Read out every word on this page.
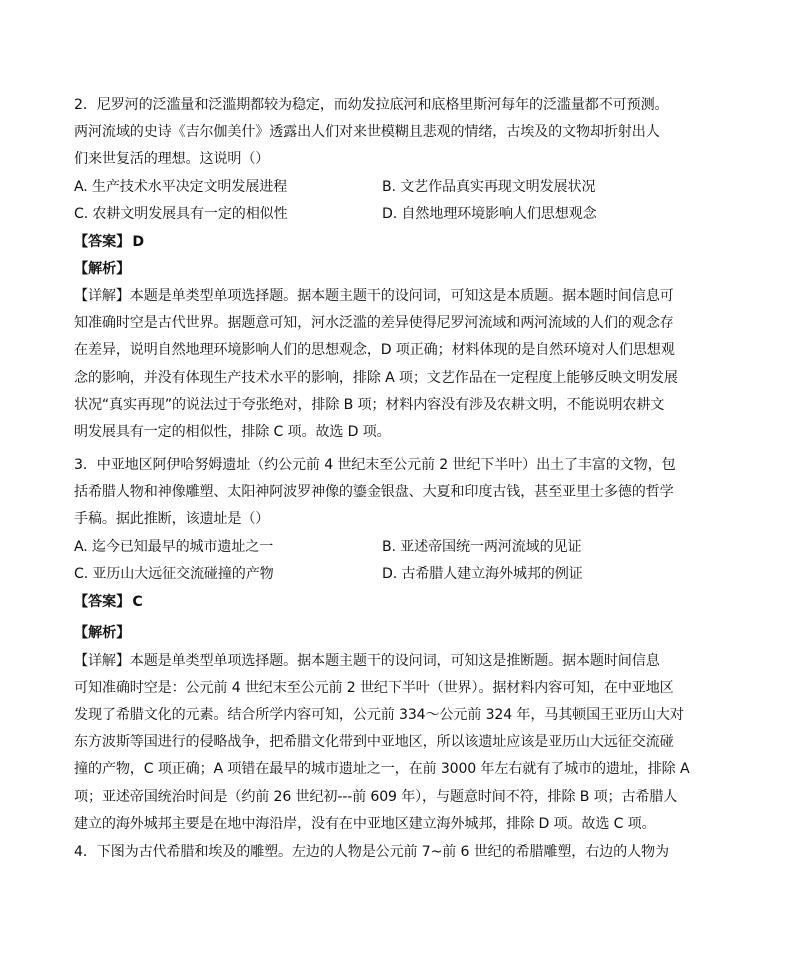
2．尼罗河的泛滥量和泛滥期都较为稳定，而幼发拉底河和底格里斯河每年的泛滥量都不可预测。
两河流域的史诗《吉尔伽美什》透露出人们对来世模糊且悲观的情绪，古埃及的文物却折射出人
们来世复活的理想。这说明（）
A. 生产技术水平决定文明发展进程	B. 文艺作品真实再现文明发展状况
C. 农耕文明发展具有一定的相似性	D. 自然地理环境影响人们思想观念
【答案】 D
【解析】
【详解】本题是单类型单项选择题。据本题主题干的设问词，可知这是本质题。据本题时间信息可
知准确时空是古代世界。据题意可知，河水泛滥的差异使得尼罗河流域和两河流域的人们的观念存
在差异，说明自然地理环境影响人们的思想观念，D 项正确；材料体现的是自然环境对人们思想观
念的影响，并没有体现生产技术水平的影响，排除 A 项；文艺作品在一定程度上能够反映文明发展
状况“真实再现”的说法过于夸张绝对，排除 B 项；材料内容没有涉及农耕文明，不能说明农耕文
明发展具有一定的相似性，排除 C 项。故选 D 项。
3．中亚地区阿伊哈努姆遗址（约公元前 4 世纪末至公元前 2 世纪下半叶）出土了丰富的文物，包
括希腊人物和神像雕塑、太阳神阿波罗神像的鎏金银盘、大夏和印度古钱，甚至亚里士多德的哲学
手稿。据此推断，该遗址是（）
A. 迄今已知最早的城市遗址之一	B. 亚述帝国统一两河流域的见证
C. 亚历山大远征交流碰撞的产物	D. 古希腊人建立海外城邦的例证
【答案】 C
【解析】
【详解】本题是单类型单项选择题。据本题主题干的设问词，可知这是推断题。据本题时间信息
可知准确时空是：公元前 4 世纪末至公元前 2 世纪下半叶（世界）。据材料内容可知，在中亚地区
发现了希腊文化的元素。结合所学内容可知，公元前 334～公元前 324 年，马其顿国王亚历山大对
东方波斯等国进行的侵略战争，把希腊文化带到中亚地区，所以该遗址应该是亚历山大远征交流碰
撞的产物，C 项正确；A 项错在最早的城市遗址之一，在前 3000 年左右就有了城市的遗址，排除 A
项；亚述帝国统治时间是（约前 26 世纪初---前 609 年），与题意时间不符，排除 B 项；古希腊人
建立的海外城邦主要是在地中海沿岸，没有在中亚地区建立海外城邦，排除 D 项。故选 C 项。
4．下图为古代希腊和埃及的雕塑。左边的人物是公元前 7~前 6 世纪的希腊雕塑，右边的人物为
